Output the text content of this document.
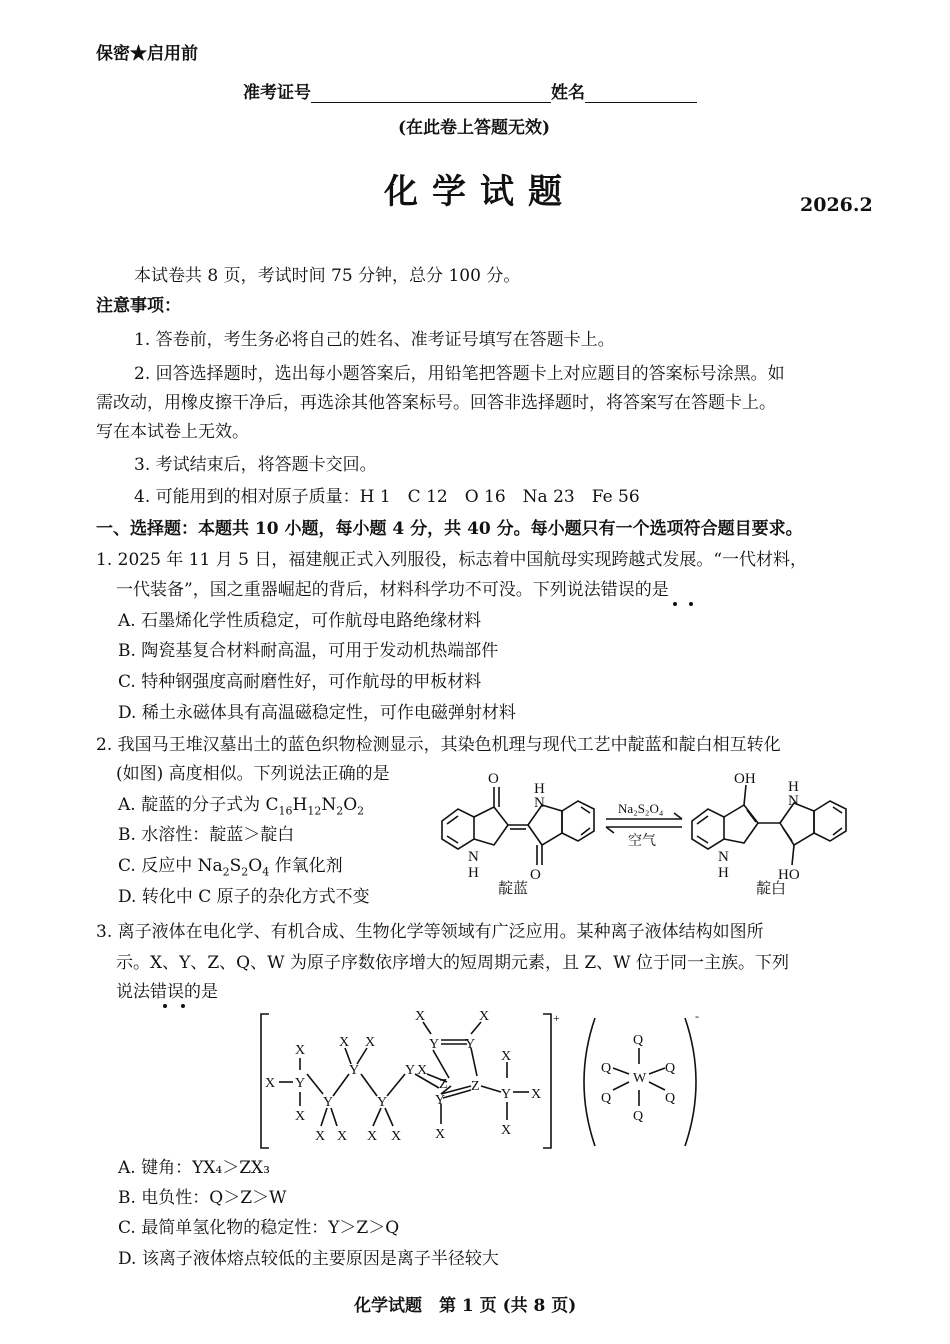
保密★启用前
准考证号	姓名
(在此卷上答题无效)
化学试题	2026.2
本试卷共 8 页，考试时间 75 分钟，总分 100 分。
注意事项：
1. 答卷前，考生务必将自己的姓名、准考证号填写在答题卡上。
2. 回答选择题时，选出每小题答案后，用铅笔把答题卡上对应题目的答案标号涂黑。如
需改动，用橡皮擦干净后，再选涂其他答案标号。回答非选择题时，将答案写在答题卡上。
写在本试卷上无效。
3. 考试结束后，将答题卡交回。
4. 可能用到的相对原子质量：H 1　C 12　O 16　Na 23　Fe 56
一、选择题：本题共 10 小题，每小题 4 分，共 40 分。每小题只有一个选项符合题目要求。
1. 2025 年 11 月 5 日，福建舰正式入列服役，标志着中国航母实现跨越式发展。“一代材料，
一代装备”，国之重器崛起的背后，材料科学功不可没。下列说法错误的是
A. 石墨烯化学性质稳定，可作航母电路绝缘材料
B. 陶瓷基复合材料耐高温，可用于发动机热端部件
C. 特种钢强度高耐磨性好，可作航母的甲板材料
D. 稀土永磁体具有高温磁稳定性，可作电磁弹射材料
2. 我国马王堆汉墓出土的蓝色织物检测显示，其染色机理与现代工艺中靛蓝和靛白相互转化
(如图) 高度相似。下列说法正确的是
A. 靛蓝的分子式为 $C_{16}H_{12}N_2O_2$
B. 水溶性：靛蓝＞靛白
C. 反应中 $Na_2S_2O_4$ 作氧化剂
D. 转化中 C 原子的杂化方式不变
O
H
N
N
H	O
OH H
N
N
H	HO
Na₂S₂O₄
空气
靛蓝	靛白
3. 离子液体在电化学、有机合成、生物化学等领域有广泛应用。某种离子液体结构如图所
示。X、Y、Z、Q、W 为原子序数依序增大的短周期元素，且 Z、W 位于同一主族。下列
说法错误的是
X Y
X
X
Y
X X
Y
X X
Y
X X
Y X
Z
Y Y
X	X
Z
Y
X
Y
X
X
X
+
W
Q
Q
Q
Q
Q
Q
-
A. 键角：YX₄＞ZX₃
B. 电负性：Q＞Z＞W
C. 最简单氢化物的稳定性：Y＞Z＞Q
D. 该离子液体熔点较低的主要原因是离子半径较大
化学试题　第 1 页 (共 8 页)
